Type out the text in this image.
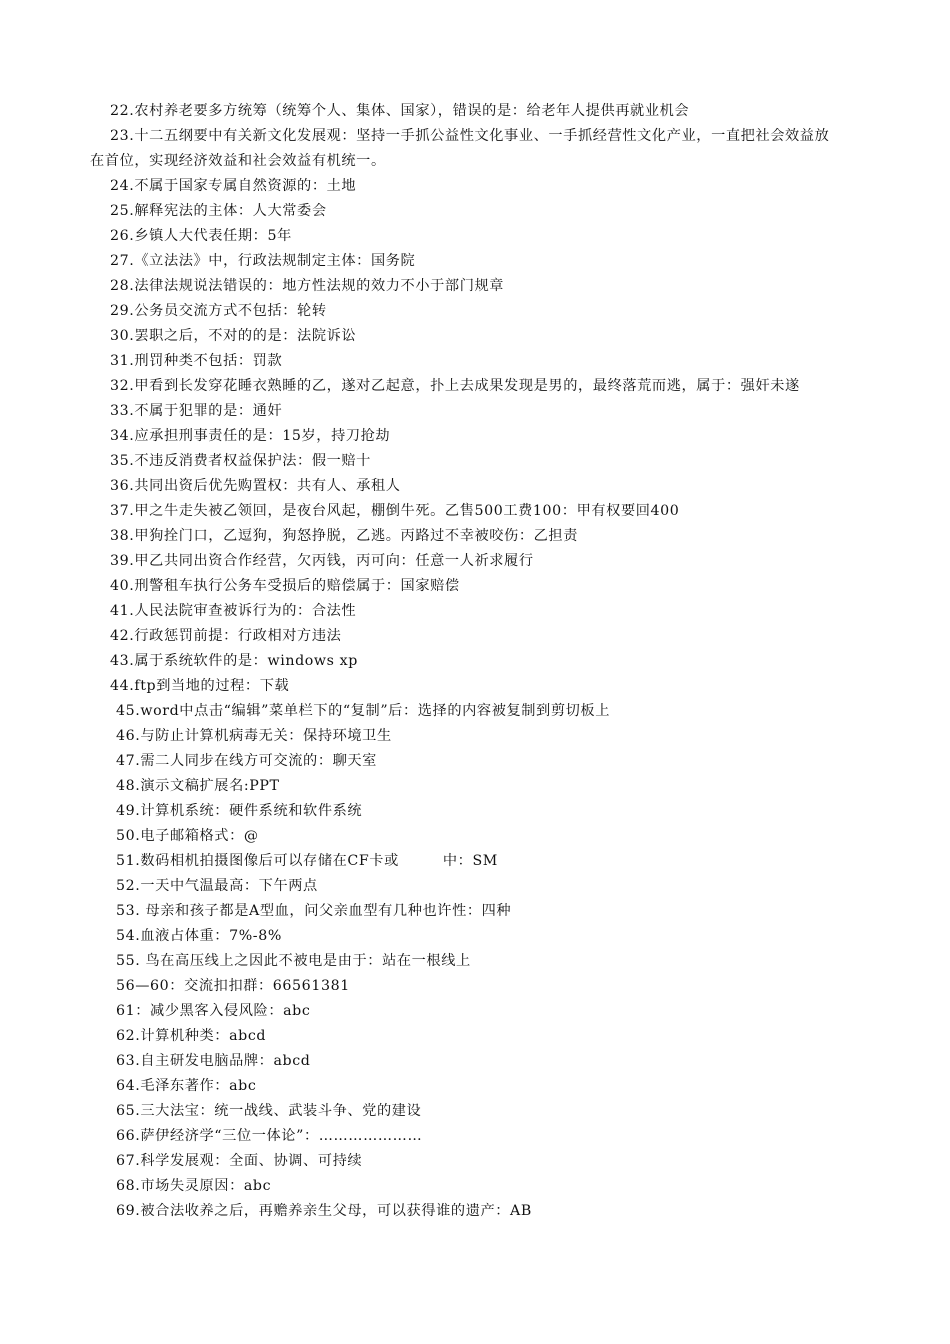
22.农村养老要多方统筹（统筹个人、集体、国家），错误的是：给老年人提供再就业机会
23.十二五纲要中有关新文化发展观：坚持一手抓公益性文化事业、一手抓经营性文化产业，一直把社会效益放在首位，实现经济效益和社会效益有机统一。
24.不属于国家专属自然资源的：土地
25.解释宪法的主体：人大常委会
26.乡镇人大代表任期：5年
27.《立法法》中，行政法规制定主体：国务院
28.法律法规说法错误的：地方性法规的效力不小于部门规章
29.公务员交流方式不包括：轮转
30.罢职之后，不对的的是：法院诉讼
31.刑罚种类不包括：罚款
32.甲看到长发穿花睡衣熟睡的乙，遂对乙起意，扑上去成果发现是男的，最终落荒而逃，属于：强奸未遂
33.不属于犯罪的是：通奸
34.应承担刑事责任的是：15岁，持刀抢劫
35.不违反消费者权益保护法：假一赔十
36.共同出资后优先购置权：共有人、承租人
37.甲之牛走失被乙领回，是夜台风起，棚倒牛死。乙售500工费100：甲有权要回400
38.甲狗拴门口，乙逗狗，狗怒挣脱，乙逃。丙路过不幸被咬伤：乙担责
39.甲乙共同出资合作经营，欠丙钱，丙可向：任意一人祈求履行
40.刑警租车执行公务车受损后的赔偿属于：国家赔偿
41.人民法院审查被诉行为的：合法性
42.行政惩罚前提：行政相对方违法
43.属于系统软件的是：windows xp
44.ftp到当地的过程：下载
45.word中点击“编辑”菜单栏下的“复制”后：选择的内容被复制到剪切板上
46.与防止计算机病毒无关：保持环境卫生
47.需二人同步在线方可交流的：聊天室
48.演示文稿扩展名:PPT
49.计算机系统：硬件系统和软件系统
50.电子邮箱格式：@
51.数码相机拍摄图像后可以存储在CF卡或	中：SM
52.一天中气温最高：下午两点
53. 母亲和孩子都是A型血，问父亲血型有几种也许性：四种
54.血液占体重：7%-8%
55. 鸟在高压线上之因此不被电是由于：站在一根线上
56—60：交流扣扣群：66561381
61：减少黑客入侵风险：abc
62.计算机种类：abcd
63.自主研发电脑品牌：abcd
64.毛泽东著作：abc
65.三大法宝：统一战线、武装斗争、党的建设
66.萨伊经济学“三位一体论”：…………………
67.科学发展观：全面、协调、可持续
68.市场失灵原因：abc
69.被合法收养之后，再赡养亲生父母，可以获得谁的遗产：AB
